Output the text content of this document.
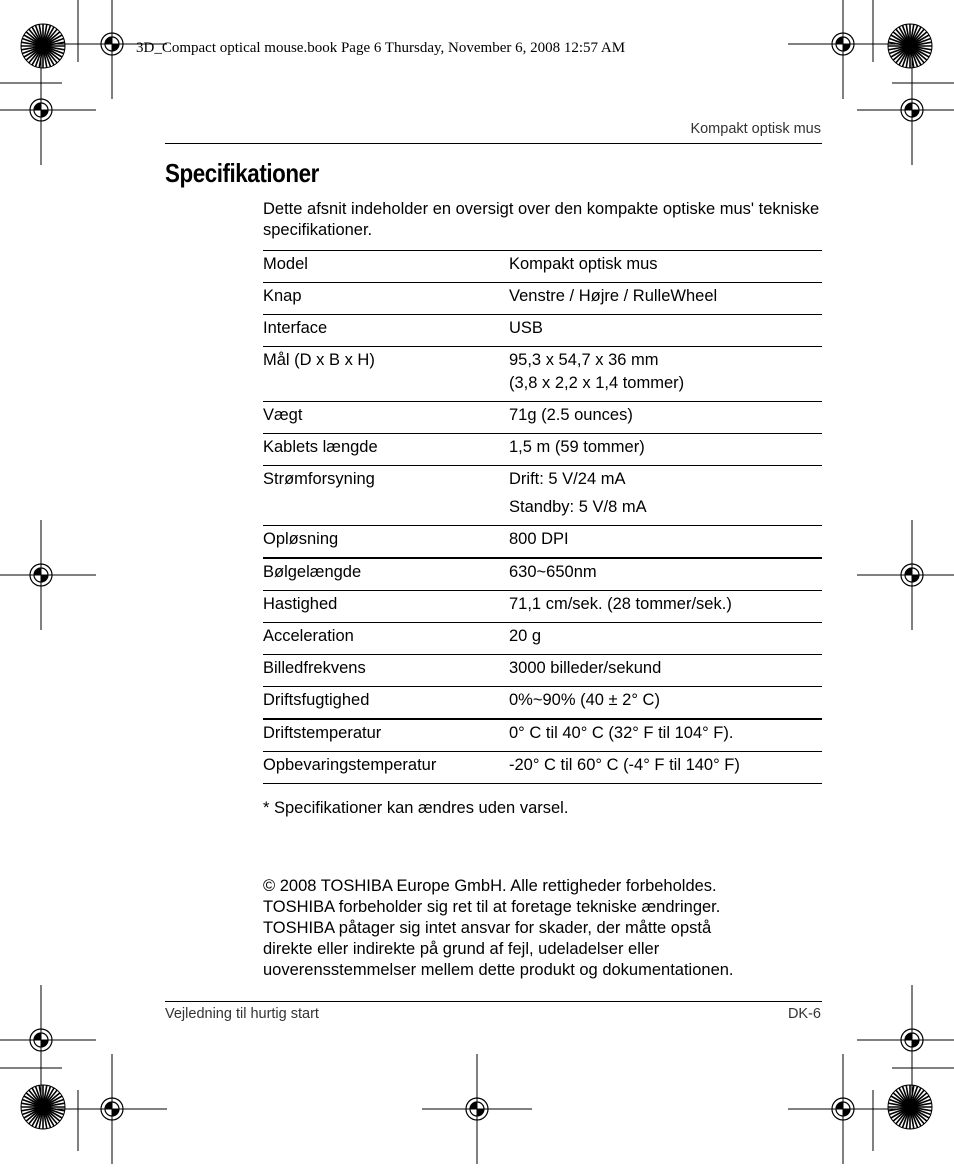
3D_Compact optical mouse.book Page 6 Thursday, November 6, 2008 12:57 AM
Kompakt optisk mus
Specifikationer
Dette afsnit indeholder en oversigt over den kompakte optiske mus' tekniske specifikationer.
Model	Kompakt optisk mus
Knap	Venstre / Højre / RulleWheel
Interface	USB
Mål (D x B x H)	95,3 x 54,7 x 36 mm
(3,8 x 2,2 x 1,4 tommer)
Vægt	71g (2.5 ounces)
Kablets længde	1,5 m (59 tommer)
Strømforsyning	Drift: 5 V/24 mA
Standby: 5 V/8 mA
Opløsning	800 DPI
Bølgelængde	630~650nm
Hastighed	71,1 cm/sek. (28 tommer/sek.)
Acceleration	20 g
Billedfrekvens	3000 billeder/sekund
Driftsfugtighed	0%~90% (40 ± 2° C)
Driftstemperatur	0° C til 40° C (32° F til 104° F).
Opbevaringstemperatur	-20° C til 60° C (-4° F til 140° F)
* Specifikationer kan ændres uden varsel.
© 2008 TOSHIBA Europe GmbH. Alle rettigheder forbeholdes.
TOSHIBA forbeholder sig ret til at foretage tekniske ændringer.
TOSHIBA påtager sig intet ansvar for skader, der måtte opstå
direkte eller indirekte på grund af fejl, udeladelser eller
uoverensstemmelser mellem dette produkt og dokumentationen.
Vejledning til hurtig start	DK-6
